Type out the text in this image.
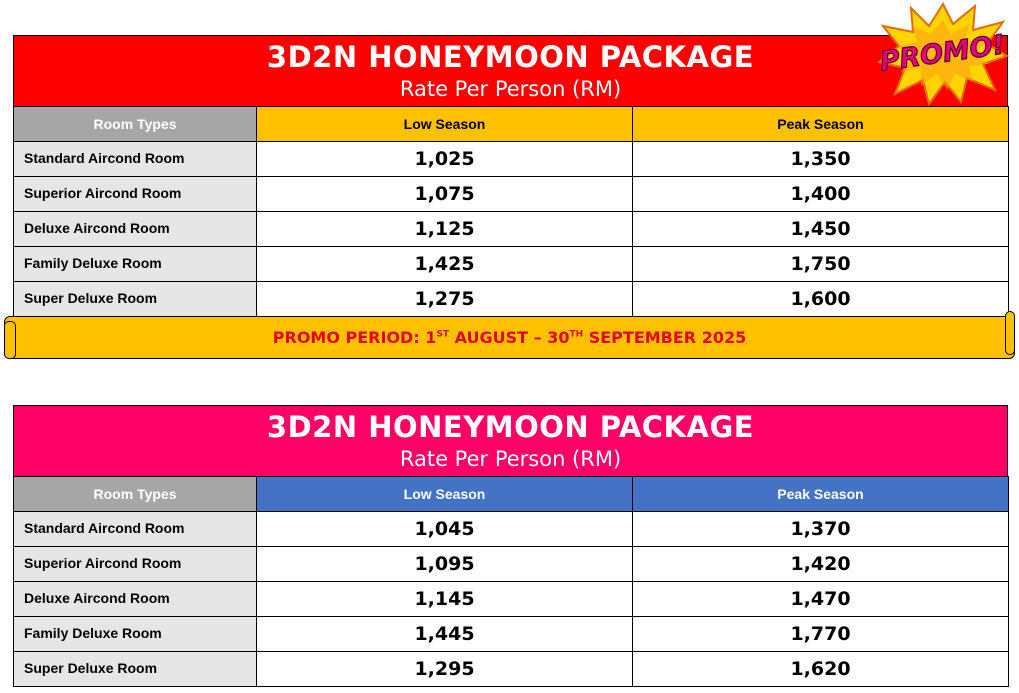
3D2N HONEYMOON PACKAGE
Rate Per Person (RM)
Room Types	Low Season	Peak Season
Standard Aircond Room	1,025	1,350
Superior Aircond Room	1,075	1,400
Deluxe Aircond Room	1,125	1,450
Family Deluxe Room	1,425	1,750
Super Deluxe Room	1,275	1,600
PROMO!
PROMO PERIOD: 1ST AUGUST – 30TH SEPTEMBER 2025
3D2N HONEYMOON PACKAGE
Rate Per Person (RM)
Room Types	Low Season	Peak Season
Standard Aircond Room	1,045	1,370
Superior Aircond Room	1,095	1,420
Deluxe Aircond Room	1,145	1,470
Family Deluxe Room	1,445	1,770
Super Deluxe Room	1,295	1,620
